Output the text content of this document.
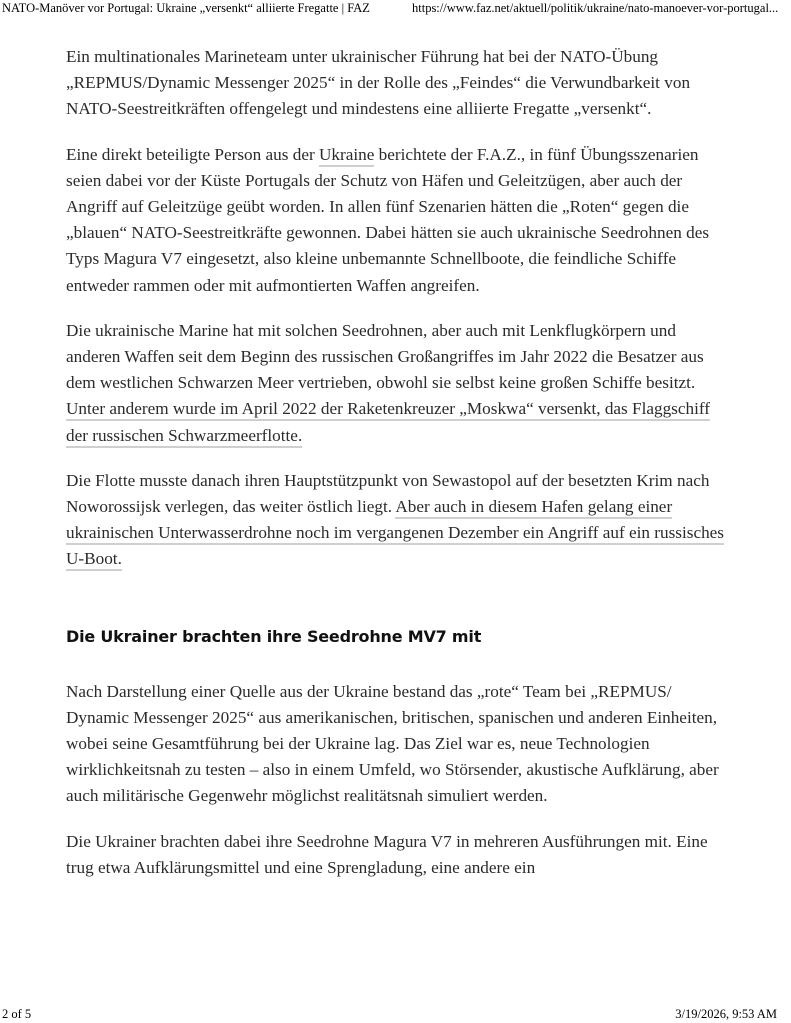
NATO-Manöver vor Portugal: Ukraine „versenkt“ alliierte Fregatte | FAZ	https://www.faz.net/aktuell/politik/ukraine/nato-manoever-vor-portugal...

Ein multinationales Marineteam unter ukrainischer Führung hat bei der NATO-Übung „REPMUS/Dynamic Messenger 2025“ in der Rolle des „Feindes“ die Verwundbarkeit von NATO-Seestreitkräften offengelegt und mindestens eine alliierte Fregatte „versenkt“.

Eine direkt beteiligte Person aus der Ukraine berichtete der F.A.Z., in fünf Übungsszenarien seien dabei vor der Küste Portugals der Schutz von Häfen und Geleitzügen, aber auch der Angriff auf Geleitzüge geübt worden. In allen fünf Szenarien hätten die „Roten“ gegen die „blauen“ NATO-Seestreitkräfte gewonnen. Dabei hätten sie auch ukrainische Seedrohnen des Typs Magura V7 eingesetzt, also kleine unbemannte Schnellboote, die feindliche Schiffe entweder rammen oder mit aufmontierten Waffen angreifen.

Die ukrainische Marine hat mit solchen Seedrohnen, aber auch mit Lenkflugkörpern und anderen Waffen seit dem Beginn des russischen Großangriffes im Jahr 2022 die Besatzer aus dem westlichen Schwarzen Meer vertrieben, obwohl sie selbst keine großen Schiffe besitzt. Unter anderem wurde im April 2022 der Raketenkreuzer „Moskwa“ versenkt, das Flaggschiff der russischen Schwarzmeerflotte.

Die Flotte musste danach ihren Hauptstützpunkt von Sewastopol auf der besetzten Krim nach Noworossijsk verlegen, das weiter östlich liegt. Aber auch in diesem Hafen gelang einer ukrainischen Unterwasserdrohne noch im vergangenen Dezember ein Angriff auf ein russisches U-Boot.

Die Ukrainer brachten ihre Seedrohne MV7 mit

Nach Darstellung einer Quelle aus der Ukraine bestand das „rote“ Team bei „REPMUS/ Dynamic Messenger 2025“ aus amerikanischen, britischen, spanischen und anderen Einheiten, wobei seine Gesamtführung bei der Ukraine lag. Das Ziel war es, neue Technologien wirklichkeitsnah zu testen – also in einem Umfeld, wo Störsender, akustische Aufklärung, aber auch militärische Gegenwehr möglichst realitätsnah simuliert werden.

Die Ukrainer brachten dabei ihre Seedrohne Magura V7 in mehreren Ausführungen mit. Eine trug etwa Aufklärungsmittel und eine Sprengladung, eine andere ein

2 of 5	3/19/2026, 9:53 AM
